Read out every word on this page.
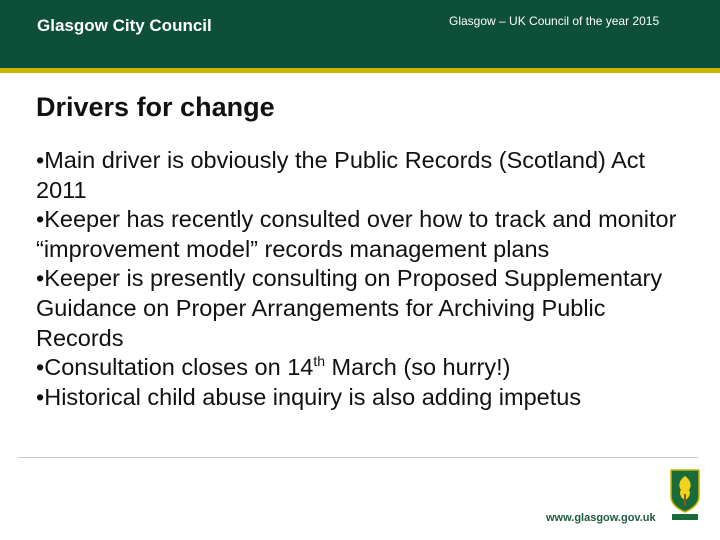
Glasgow City Council	Glasgow – UK Council of the year 2015
Drivers for change
•Main driver is obviously the Public Records (Scotland) Act 2011
•Keeper has recently consulted over how to track and monitor “improvement model” records management plans
•Keeper is presently consulting on Proposed Supplementary Guidance on Proper Arrangements for Archiving Public Records
•Consultation closes on 14th March (so hurry!)
•Historical child abuse inquiry is also adding impetus
www.glasgow.gov.uk
